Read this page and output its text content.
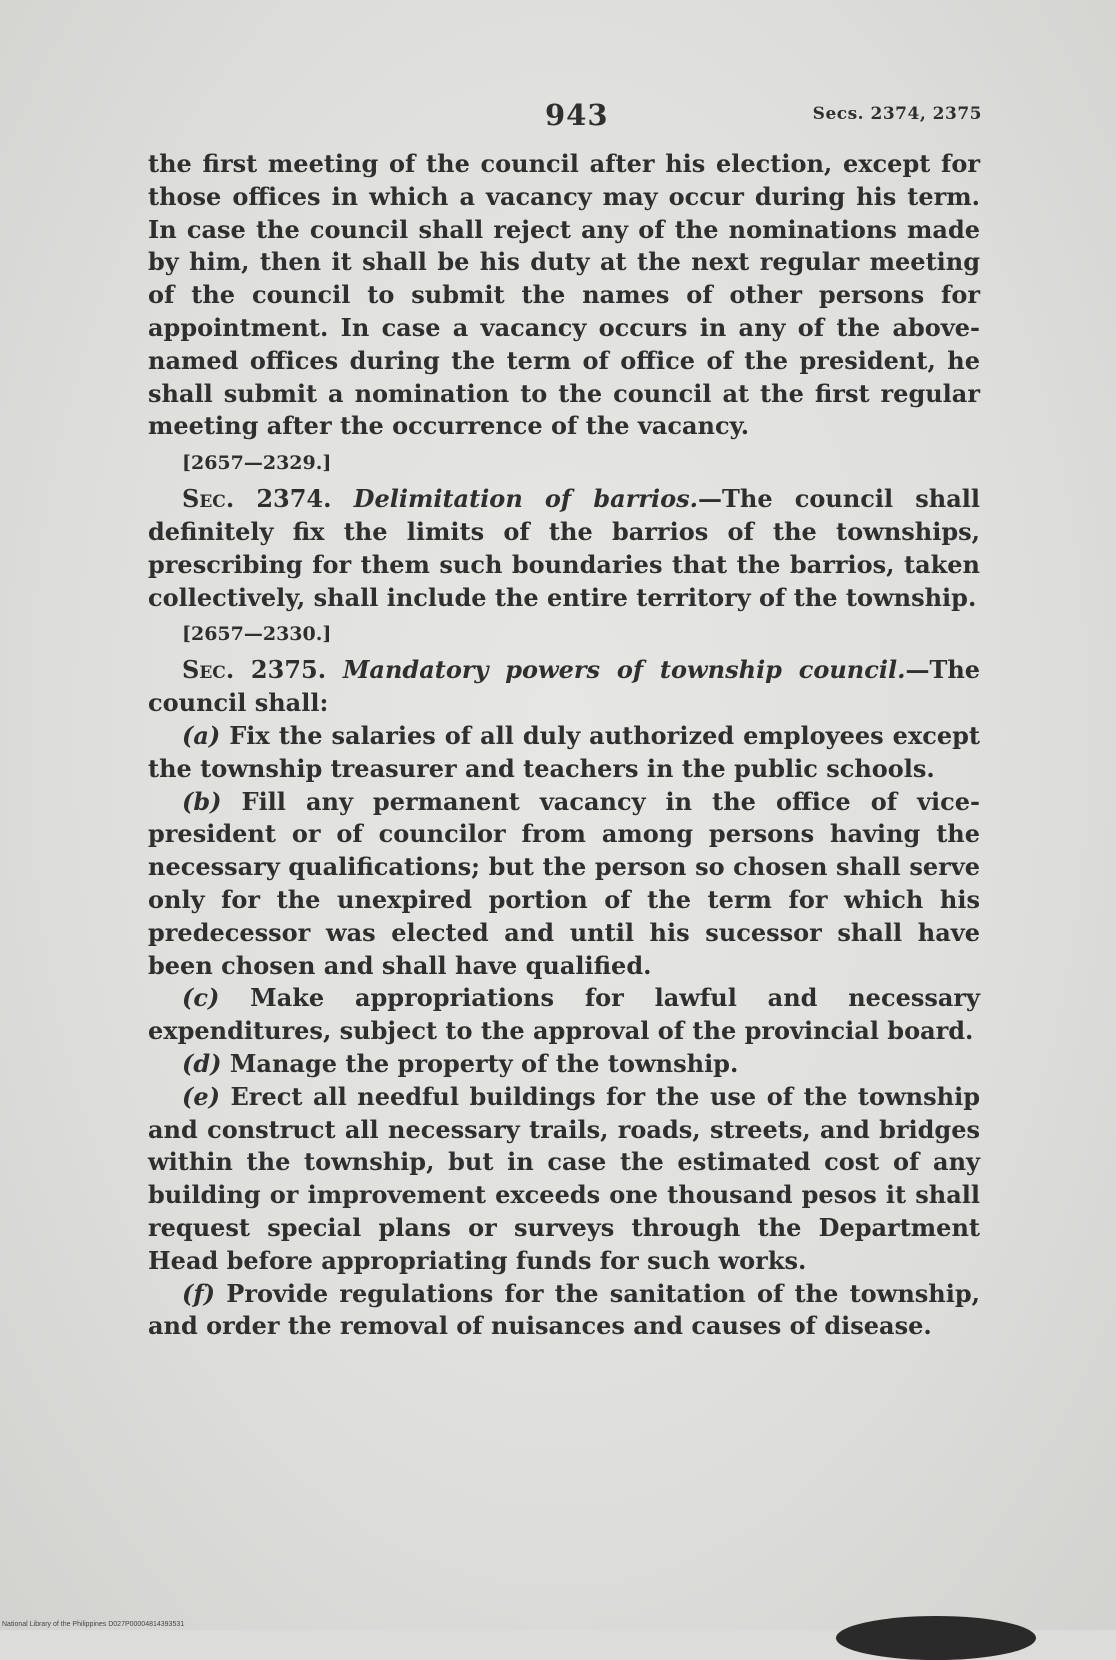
943	Secs. 2374, 2375

the first meeting of the council after his election, except for those offices in which a vacancy may occur during his term. In case the council shall reject any of the nominations made by him, then it shall be his duty at the next regular meeting of the council to submit the names of other persons for appointment. In case a vacancy occurs in any of the above-named offices during the term of office of the president, he shall submit a nomination to the council at the first regular meeting after the occurrence of the vacancy.

[2657—2329.]

Sec. 2374. Delimitation of barrios.—The council shall definitely fix the limits of the barrios of the townships, prescribing for them such boundaries that the barrios, taken collectively, shall include the entire territory of the township.

[2657—2330.]

Sec. 2375. Mandatory powers of township council.—The council shall:

(a) Fix the salaries of all duly authorized employees except the township treasurer and teachers in the public schools.

(b) Fill any permanent vacancy in the office of vice-president or of councilor from among persons having the necessary qualifications; but the person so chosen shall serve only for the unexpired portion of the term for which his predecessor was elected and until his sucessor shall have been chosen and shall have qualified.

(c) Make appropriations for lawful and necessary expenditures, subject to the approval of the provincial board.

(d) Manage the property of the township.

(e) Erect all needful buildings for the use of the township and construct all necessary trails, roads, streets, and bridges within the township, but in case the estimated cost of any building or improvement exceeds one thousand pesos it shall request special plans or surveys through the Department Head before appropriating funds for such works.

(f) Provide regulations for the sanitation of the township, and order the removal of nuisances and causes of disease.

National Library of the Philippines D027P00004814393531
